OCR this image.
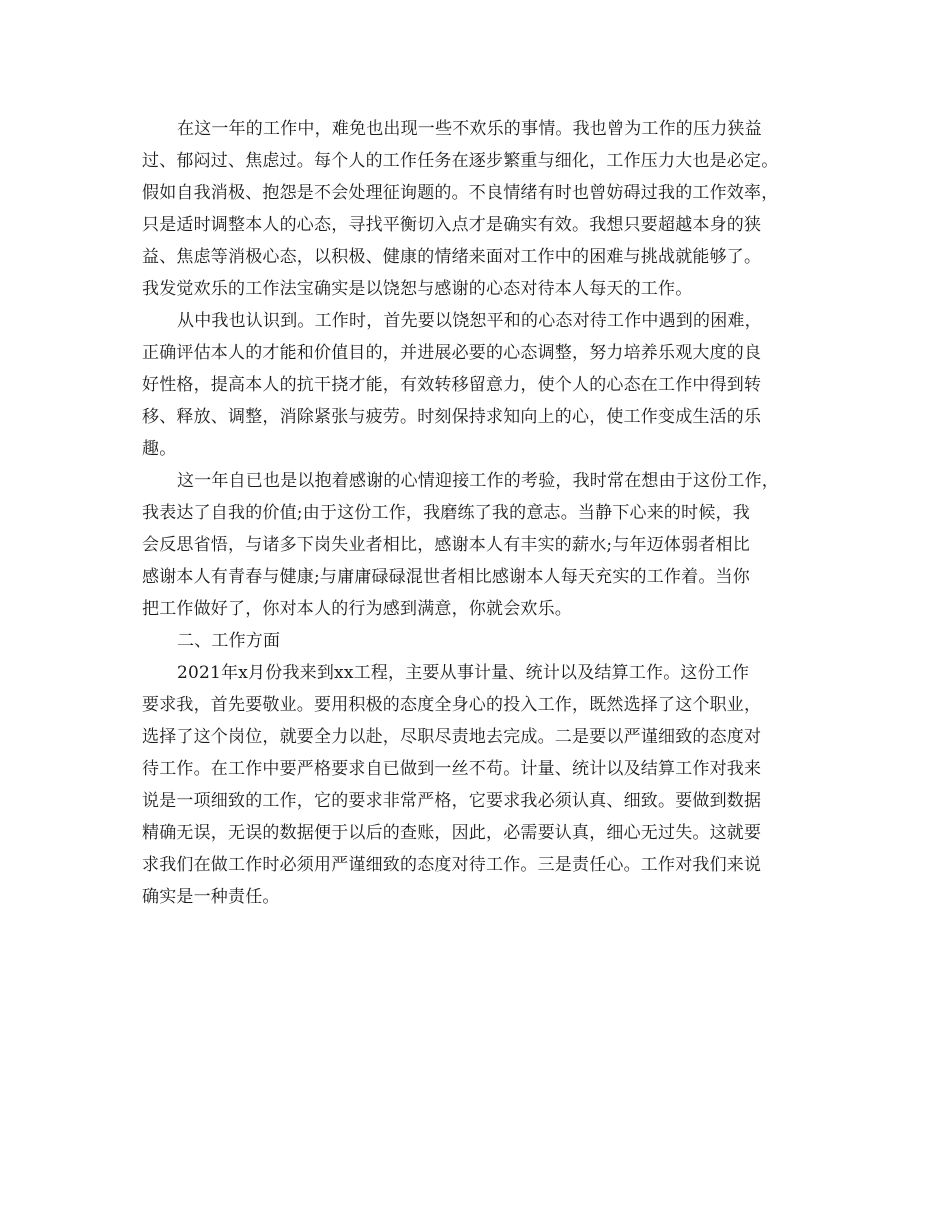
在这一年的工作中，难免也出现一些不欢乐的事情。我也曾为工作的压力狭益
过、郁闷过、焦虑过。每个人的工作任务在逐步繁重与细化，工作压力大也是必定。
假如自我消极、抱怨是不会处理征询题的。不良情绪有时也曾妨碍过我的工作效率，
只是适时调整本人的心态，寻找平衡切入点才是确实有效。我想只要超越本身的狭
益、焦虑等消极心态，以积极、健康的情绪来面对工作中的困难与挑战就能够了。
我发觉欢乐的工作法宝确实是以饶恕与感谢的心态对待本人每天的工作。
从中我也认识到。工作时，首先要以饶恕平和的心态对待工作中遇到的困难，
正确评估本人的才能和价值目的，并进展必要的心态调整，努力培养乐观大度的良
好性格，提高本人的抗干挠才能，有效转移留意力，使个人的心态在工作中得到转
移、释放、调整，消除紧张与疲劳。时刻保持求知向上的心，使工作变成生活的乐
趣。
这一年自已也是以抱着感谢的心情迎接工作的考验，我时常在想由于这份工作，
我表达了自我的价值;由于这份工作，我磨练了我的意志。当静下心来的时候，我
会反思省悟，与诸多下岗失业者相比，感谢本人有丰实的薪水;与年迈体弱者相比
感谢本人有青春与健康;与庸庸碌碌混世者相比感谢本人每天充实的工作着。当你
把工作做好了，你对本人的行为感到满意，你就会欢乐。
二、工作方面
2021年x月份我来到xx工程，主要从事计量、统计以及结算工作。这份工作
要求我，首先要敬业。要用积极的态度全身心的投入工作，既然选择了这个职业，
选择了这个岗位，就要全力以赴，尽职尽责地去完成。二是要以严谨细致的态度对
待工作。在工作中要严格要求自已做到一丝不苟。计量、统计以及结算工作对我来
说是一项细致的工作，它的要求非常严格，它要求我必须认真、细致。要做到数据
精确无误，无误的数据便于以后的查账，因此，必需要认真，细心无过失。这就要
求我们在做工作时必须用严谨细致的态度对待工作。三是责任心。工作对我们来说
确实是一种责任。
